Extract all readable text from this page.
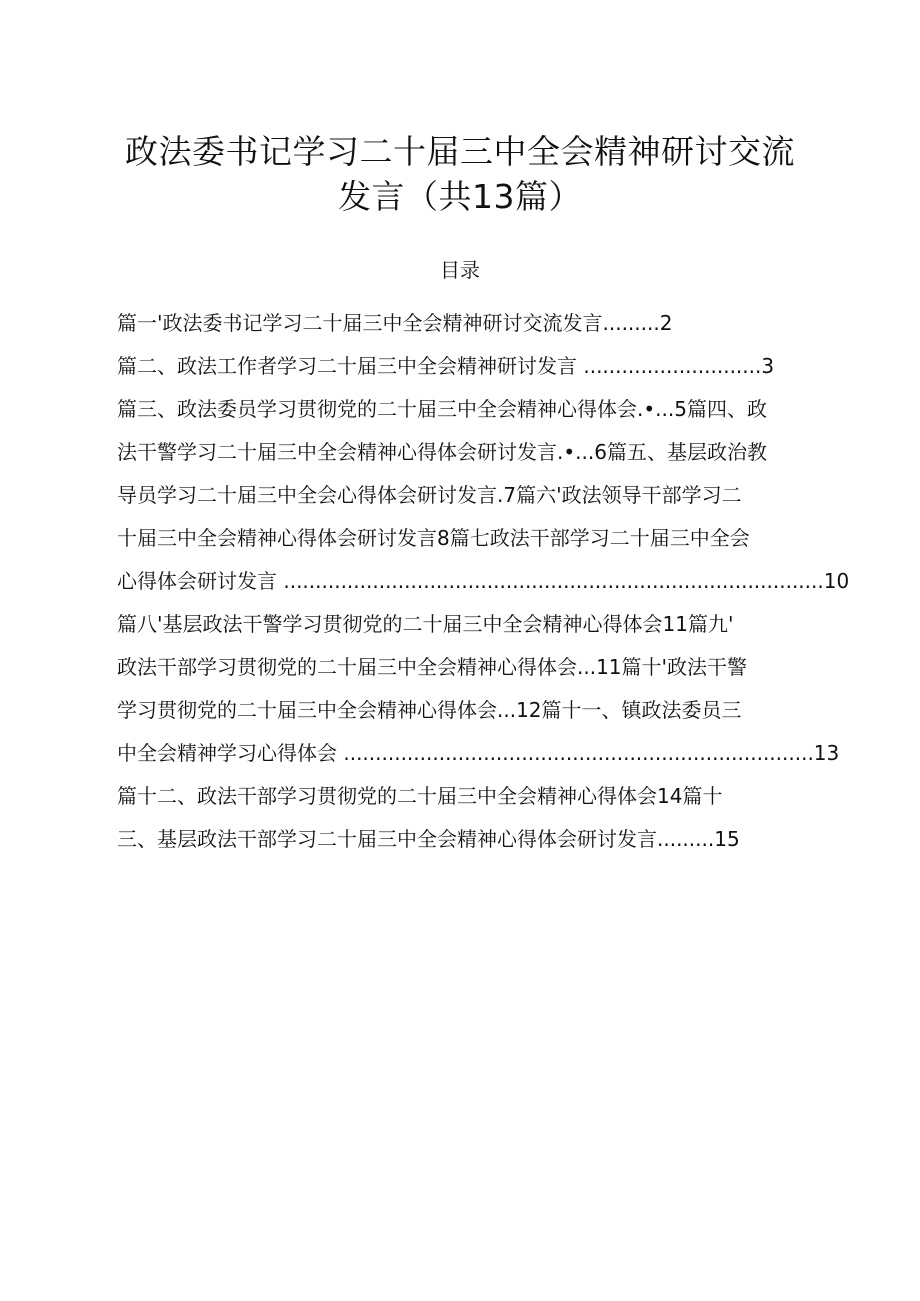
政法委书记学习二十届三中全会精神研讨交流
发言（共13篇）
目录
篇一'政法委书记学习二十届三中全会精神研讨交流发言.........2
篇二、政法工作者学习二十届三中全会精神研讨发言 ............................3
篇三、政法委员学习贯彻党的二十届三中全会精神心得体会.•...5篇四、政
法干警学习二十届三中全会精神心得体会研讨发言.•...6篇五、基层政治教
导员学习二十届三中全会心得体会研讨发言.7篇六'政法领导干部学习二
十届三中全会精神心得体会研讨发言8篇七政法干部学习二十届三中全会
心得体会研讨发言 .....................................................................................10
篇八'基层政法干警学习贯彻党的二十届三中全会精神心得体会11篇九'
政法干部学习贯彻党的二十届三中全会精神心得体会...11篇十'政法干警
学习贯彻党的二十届三中全会精神心得体会...12篇十一、镇政法委员三
中全会精神学习心得体会 ..........................................................................13
篇十二、政法干部学习贯彻党的二十届三中全会精神心得体会14篇十
三、基层政法干部学习二十届三中全会精神心得体会研讨发言.........15
